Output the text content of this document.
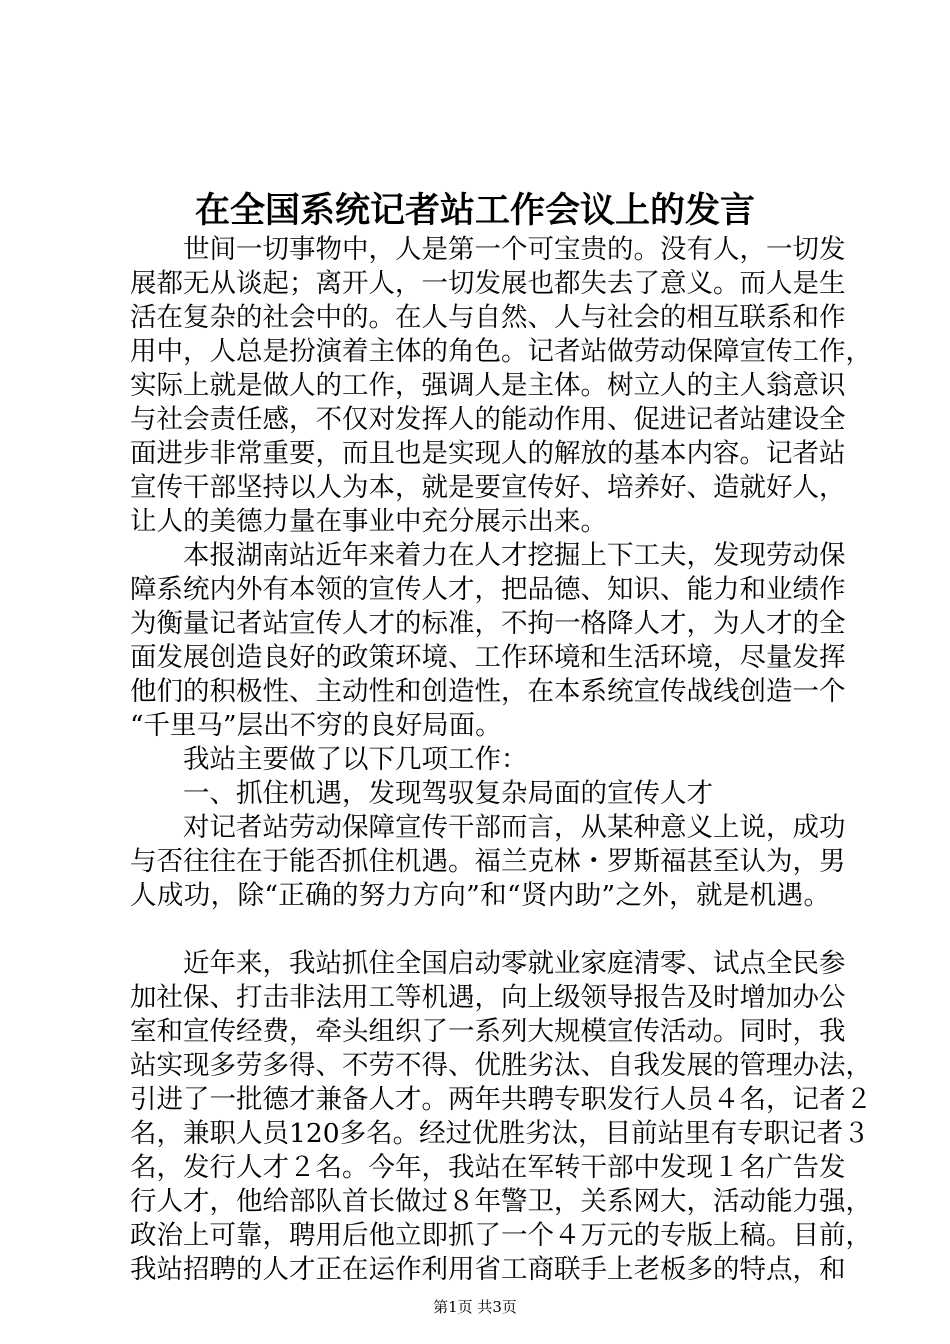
在全国系统记者站工作会议上的发言
世间一切事物中，人是第一个可宝贵的。没有人，一切发
展都无从谈起；离开人，一切发展也都失去了意义。而人是生
活在复杂的社会中的。在人与自然、人与社会的相互联系和作
用中，人总是扮演着主体的角色。记者站做劳动保障宣传工作，
实际上就是做人的工作，强调人是主体。树立人的主人翁意识
与社会责任感，不仅对发挥人的能动作用、促进记者站建设全
面进步非常重要，而且也是实现人的解放的基本内容。记者站
宣传干部坚持以人为本，就是要宣传好、培养好、造就好人，
让人的美德力量在事业中充分展示出来。
本报湖南站近年来着力在人才挖掘上下工夫，发现劳动保
障系统内外有本领的宣传人才，把品德、知识、能力和业绩作
为衡量记者站宣传人才的标准，不拘一格降人才，为人才的全
面发展创造良好的政策环境、工作环境和生活环境，尽量发挥
他们的积极性、主动性和创造性，在本系统宣传战线创造一个
“千里马”层出不穷的良好局面。
我站主要做了以下几项工作：
一、抓住机遇，发现驾驭复杂局面的宣传人才
对记者站劳动保障宣传干部而言，从某种意义上说，成功
与否往往在于能否抓住机遇。福兰克林・罗斯福甚至认为，男
人成功，除“正确的努力方向”和“贤内助”之外，就是机遇。
近年来，我站抓住全国启动零就业家庭清零、试点全民参
加社保、打击非法用工等机遇，向上级领导报告及时增加办公
室和宣传经费，牵头组织了一系列大规模宣传活动。同时，我
站实现多劳多得、不劳不得、优胜劣汰、自我发展的管理办法，
引进了一批德才兼备人才。两年共聘专职发行人员４名，记者２
名，兼职人员120多名。经过优胜劣汰，目前站里有专职记者３
名，发行人才２名。今年，我站在军转干部中发现１名广告发
行人才，他给部队首长做过８年警卫，关系网大，活动能力强，
政治上可靠，聘用后他立即抓了一个４万元的专版上稿。目前，
我站招聘的人才正在运作利用省工商联手上老板多的特点，和
第1页 共3页
